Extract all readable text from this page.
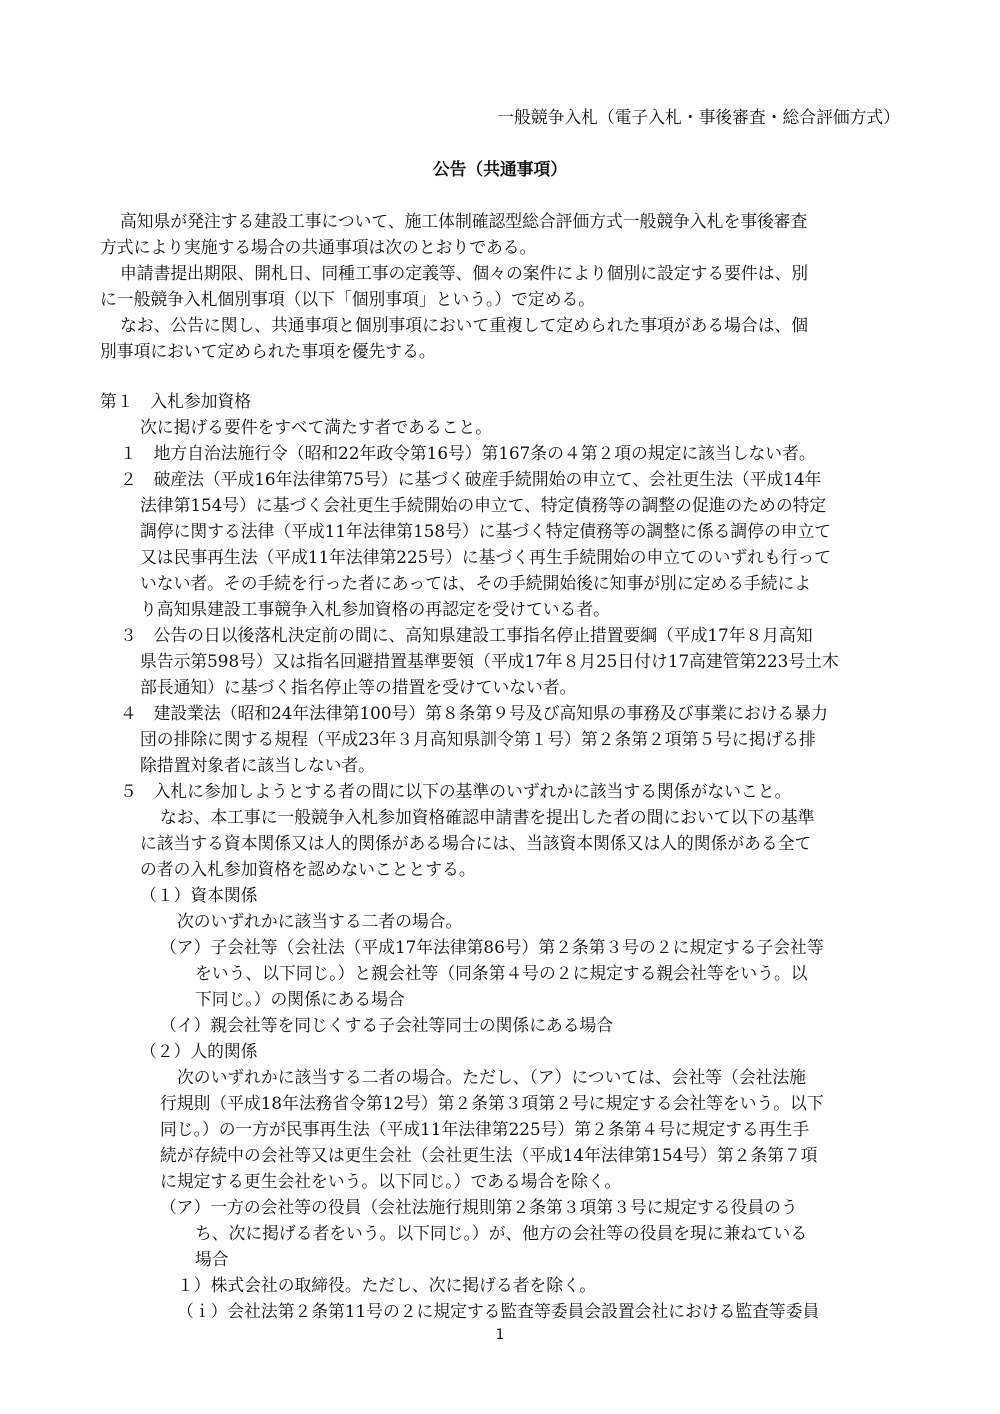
一般競争入札（電子入札・事後審査・総合評価方式）
公告（共通事項）
高知県が発注する建設工事について、施工体制確認型総合評価方式一般競争入札を事後審査
方式により実施する場合の共通事項は次のとおりである。
申請書提出期限、開札日、同種工事の定義等、個々の案件により個別に設定する要件は、別
に一般競争入札個別事項（以下「個別事項」という。）で定める。
なお、公告に関し、共通事項と個別事項において重複して定められた事項がある場合は、個
別事項において定められた事項を優先する。
第１　入札参加資格
次に掲げる要件をすべて満たす者であること。
１　地方自治法施行令（昭和22年政令第16号）第167条の４第２項の規定に該当しない者。
２　破産法（平成16年法律第75号）に基づく破産手続開始の申立て、会社更生法（平成14年
法律第154号）に基づく会社更生手続開始の申立て、特定債務等の調整の促進のための特定
調停に関する法律（平成11年法律第158号）に基づく特定債務等の調整に係る調停の申立て
又は民事再生法（平成11年法律第225号）に基づく再生手続開始の申立てのいずれも行って
いない者。その手続を行った者にあっては、その手続開始後に知事が別に定める手続によ
り高知県建設工事競争入札参加資格の再認定を受けている者。
３　公告の日以後落札決定前の間に、高知県建設工事指名停止措置要綱（平成17年８月高知
県告示第598号）又は指名回避措置基準要領（平成17年８月25日付け17高建管第223号土木
部長通知）に基づく指名停止等の措置を受けていない者。
４　建設業法（昭和24年法律第100号）第８条第９号及び高知県の事務及び事業における暴力
団の排除に関する規程（平成23年３月高知県訓令第１号）第２条第２項第５号に掲げる排
除措置対象者に該当しない者。
５　入札に参加しようとする者の間に以下の基準のいずれかに該当する関係がないこと。
なお、本工事に一般競争入札参加資格確認申請書を提出した者の間において以下の基準
に該当する資本関係又は人的関係がある場合には、当該資本関係又は人的関係がある全て
の者の入札参加資格を認めないこととする。
（１）資本関係
次のいずれかに該当する二者の場合。
（ア）子会社等（会社法（平成17年法律第86号）第２条第３号の２に規定する子会社等
をいう、以下同じ。）と親会社等（同条第４号の２に規定する親会社等をいう。以
下同じ。）の関係にある場合
（イ）親会社等を同じくする子会社等同士の関係にある場合
（２）人的関係
次のいずれかに該当する二者の場合。ただし、（ア）については、会社等（会社法施
行規則（平成18年法務省令第12号）第２条第３項第２号に規定する会社等をいう。以下
同じ。）の一方が民事再生法（平成11年法律第225号）第２条第４号に規定する再生手
続が存続中の会社等又は更生会社（会社更生法（平成14年法律第154号）第２条第７項
に規定する更生会社をいう。以下同じ。）である場合を除く。
（ア）一方の会社等の役員（会社法施行規則第２条第３項第３号に規定する役員のう
ち、次に掲げる者をいう。以下同じ。）が、他方の会社等の役員を現に兼ねている
場合
１）株式会社の取締役。ただし、次に掲げる者を除く。
（ｉ）会社法第２条第11号の２に規定する監査等委員会設置会社における監査等委員
1
